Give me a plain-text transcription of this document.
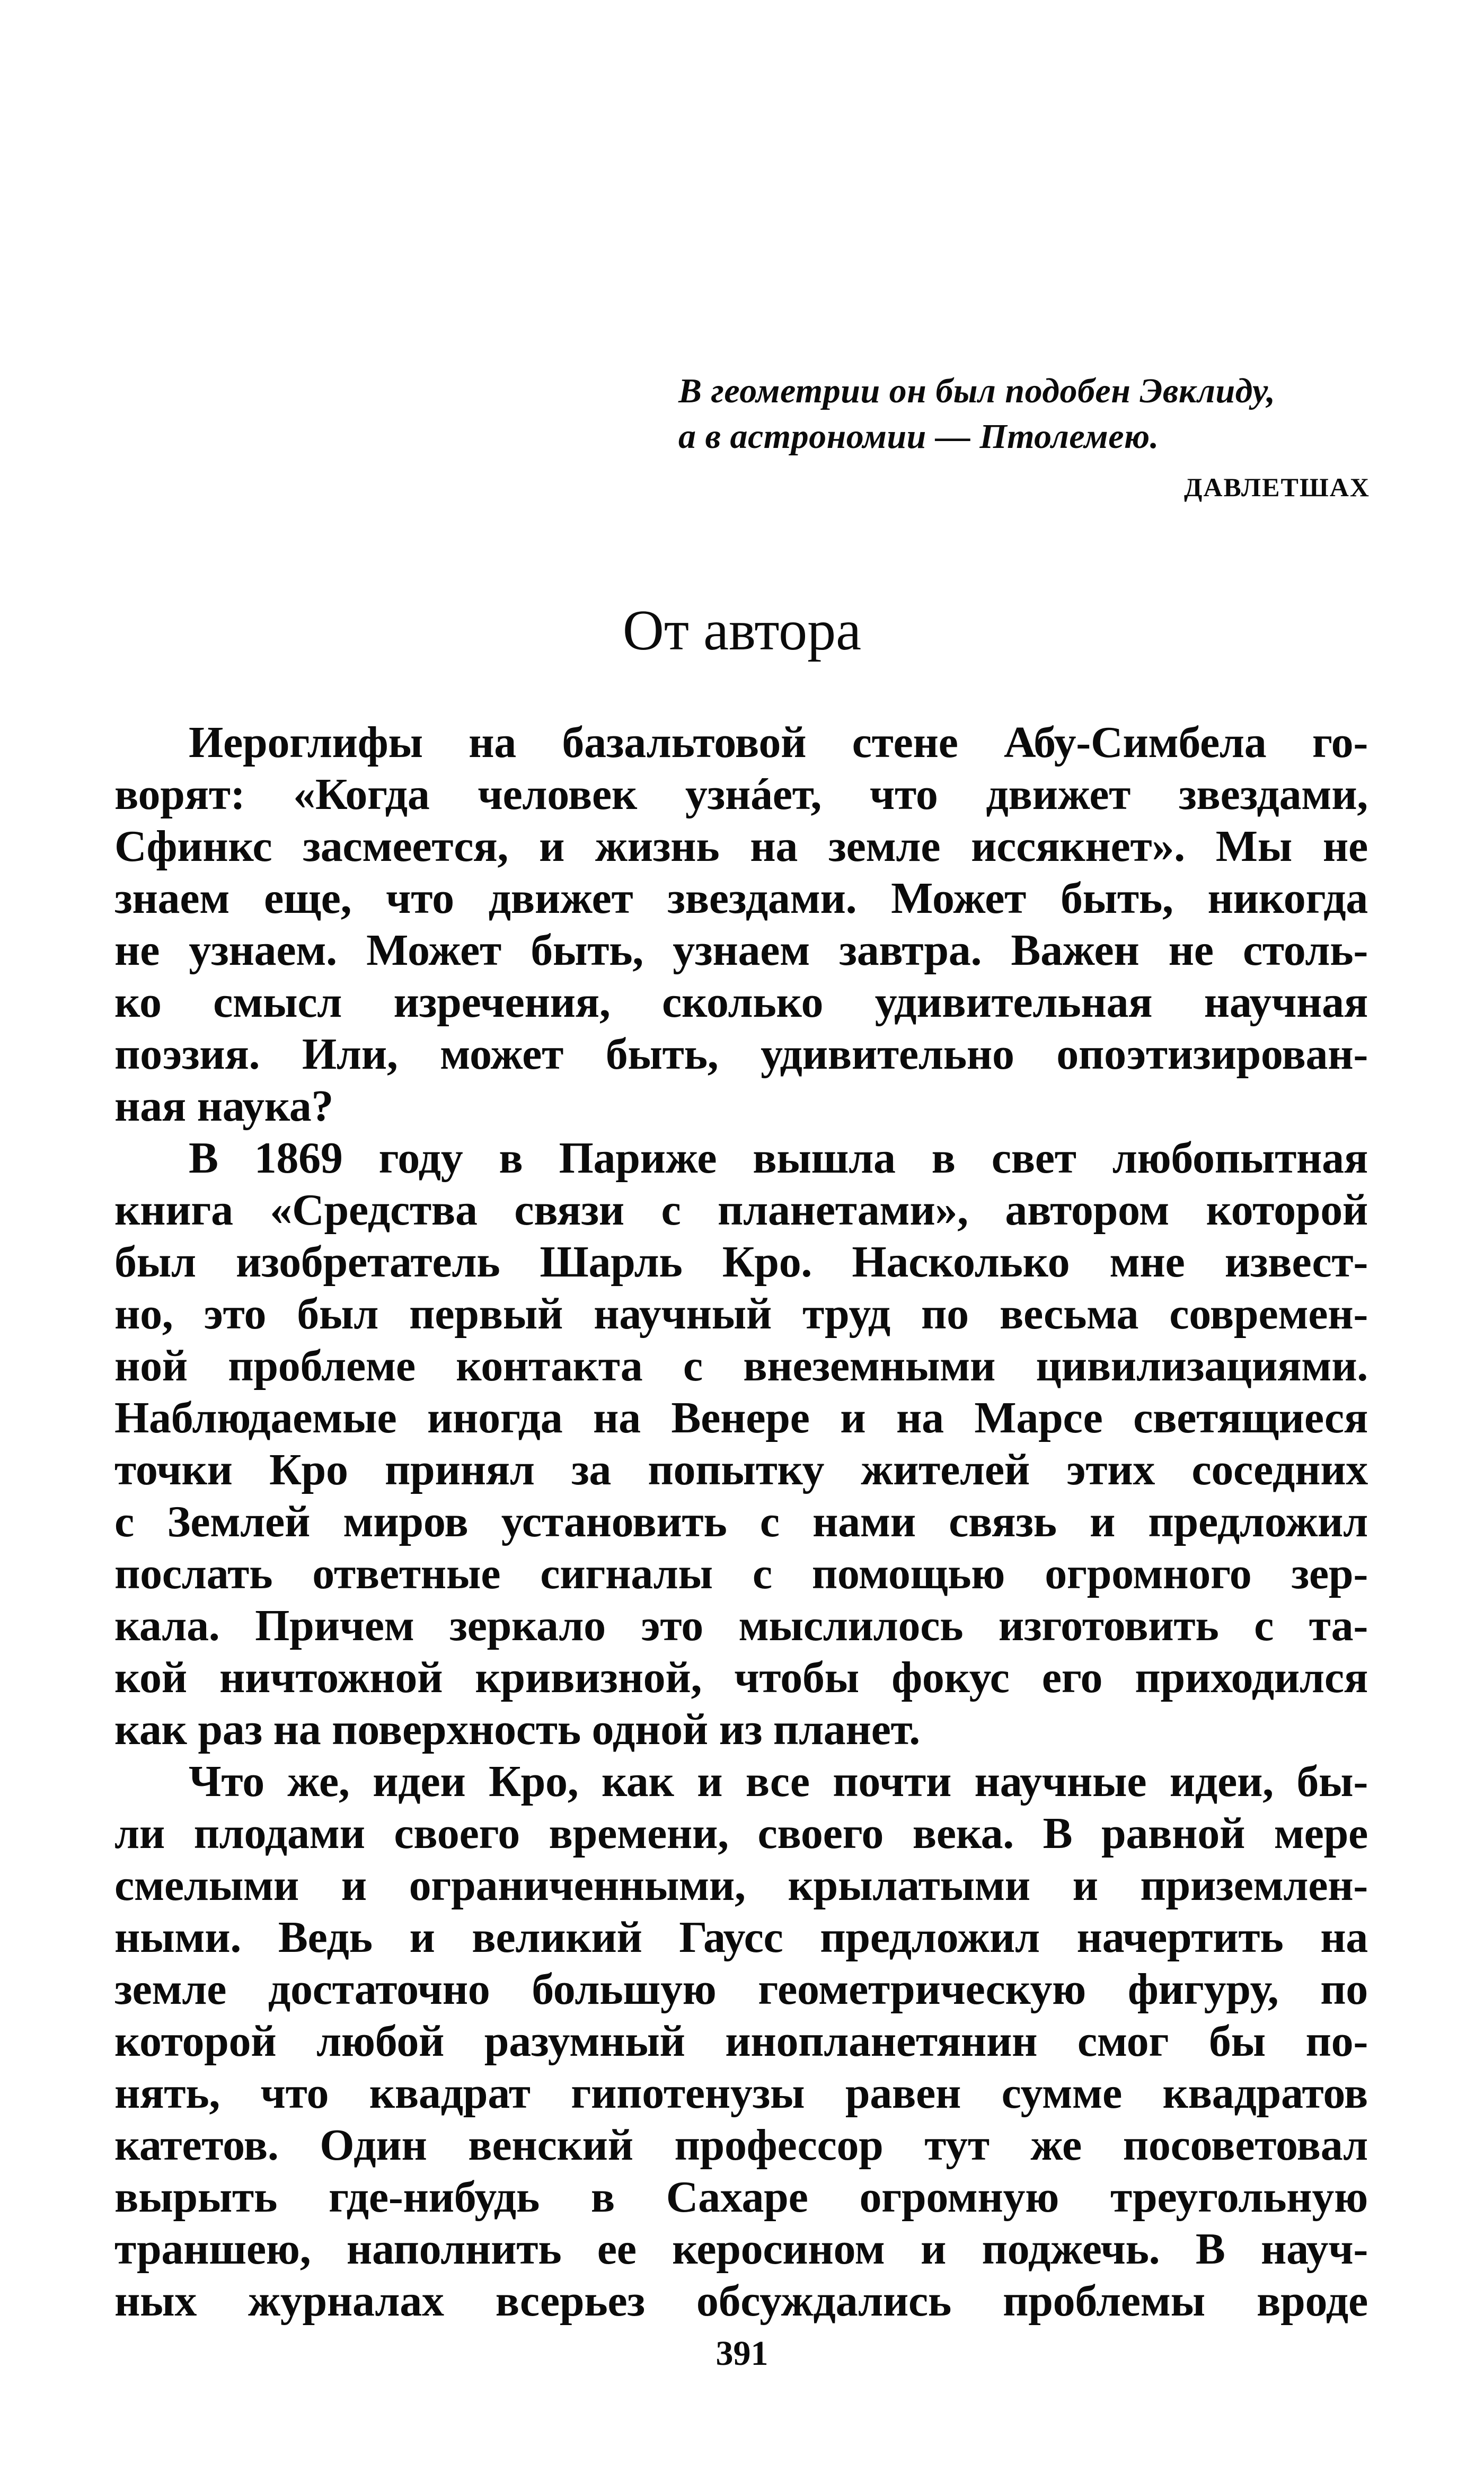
В геометрии он был подобен Эвклиду,
а в астрономии — Птолемею.
ДАВЛЕТШАХ
От автора
Иероглифы на базальтовой стене Абу-Симбела го-
ворят: «Когда человек узнáет, что движет звездами,
Сфинкс засмеется, и жизнь на земле иссякнет». Мы не
знаем еще, что движет звездами. Может быть, никогда
не узнаем. Может быть, узнаем завтра. Важен не столь-
ко смысл изречения, сколько удивительная научная
поэзия. Или, может быть, удивительно опоэтизирован-
ная наука?
В 1869 году в Париже вышла в свет любопытная
книга «Средства связи с планетами», автором которой
был изобретатель Шарль Кро. Насколько мне извест-
но, это был первый научный труд по весьма современ-
ной проблеме контакта с внеземными цивилизациями.
Наблюдаемые иногда на Венере и на Марсе светящиеся
точки Кро принял за попытку жителей этих соседних
с Землей миров установить с нами связь и предложил
послать ответные сигналы с помощью огромного зер-
кала. Причем зеркало это мыслилось изготовить с та-
кой ничтожной кривизной, чтобы фокус его приходился
как раз на поверхность одной из планет.
Что же, идеи Кро, как и все почти научные идеи, бы-
ли плодами своего времени, своего века. В равной мере
смелыми и ограниченными, крылатыми и приземлен-
ными. Ведь и великий Гаусс предложил начертить на
земле достаточно большую геометрическую фигуру, по
которой любой разумный инопланетянин смог бы по-
нять, что квадрат гипотенузы равен сумме квадратов
катетов. Один венский профессор тут же посоветовал
вырыть где-нибудь в Сахаре огромную треугольную
траншею, наполнить ее керосином и поджечь. В науч-
ных журналах всерьез обсуждались проблемы вроде
391
